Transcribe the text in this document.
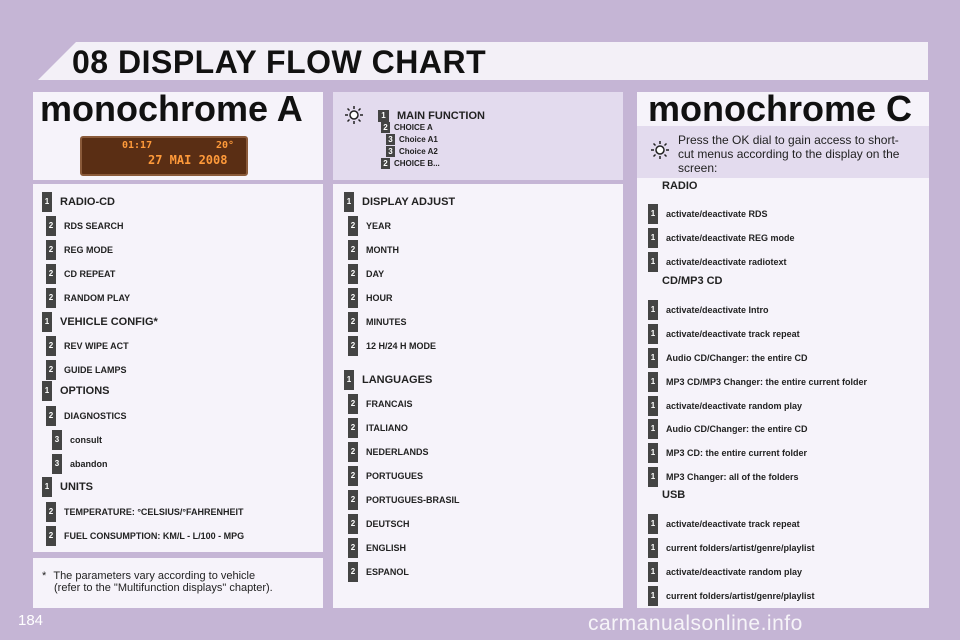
08 DISPLAY FLOW CHART
monochrome A
01:17	20°
27 MAI 2008
1 RADIO-CD
2	RDS SEARCH
2	REG MODE
2	CD REPEAT
2	RANDOM PLAY
1 VEHICLE CONFIG*
2	REV WIPE ACT
2	GUIDE LAMPS
1 OPTIONS
2	DIAGNOSTICS
3	consult
3	abandon
1 UNITS
2	TEMPERATURE: °CELSIUS/°FAHRENHEIT
2	FUEL CONSUMPTION: KM/L - L/100 - MPG
* The parameters vary according to vehicle
(refer to the "Multifunction displays" chapter).
1 MAIN FUNCTION
2 CHOICE A
3 Choice A1
3 Choice A2
2 CHOICE B...
1 DISPLAY ADJUST
2	YEAR
2	MONTH
2	DAY
2	HOUR
2	MINUTES
2	12 H/24 H MODE
1 LANGUAGES
2	FRANCAIS
2	ITALIANO
2	NEDERLANDS
2	PORTUGUES
2	PORTUGUES-BRASIL
2	DEUTSCH
2	ENGLISH
2	ESPANOL
monochrome C
Press the OK dial to gain access to short-cut menus according to the display on the screen:
RADIO
CD/MP3 CD
USB
1	activate/deactivate RDS
1	activate/deactivate REG mode
1	activate/deactivate radiotext
1	activate/deactivate Intro
1	activate/deactivate track repeat
1	Audio CD/Changer: the entire CD
1	MP3 CD/MP3 Changer: the entire current folder
1	activate/deactivate random play
1	Audio CD/Changer: the entire CD
1	MP3 CD: the entire current folder
1	MP3 Changer: all of the folders
1	activate/deactivate track repeat
1	current folders/artist/genre/playlist
1	activate/deactivate random play
1	current folders/artist/genre/playlist
184	carmanualsonline.info
